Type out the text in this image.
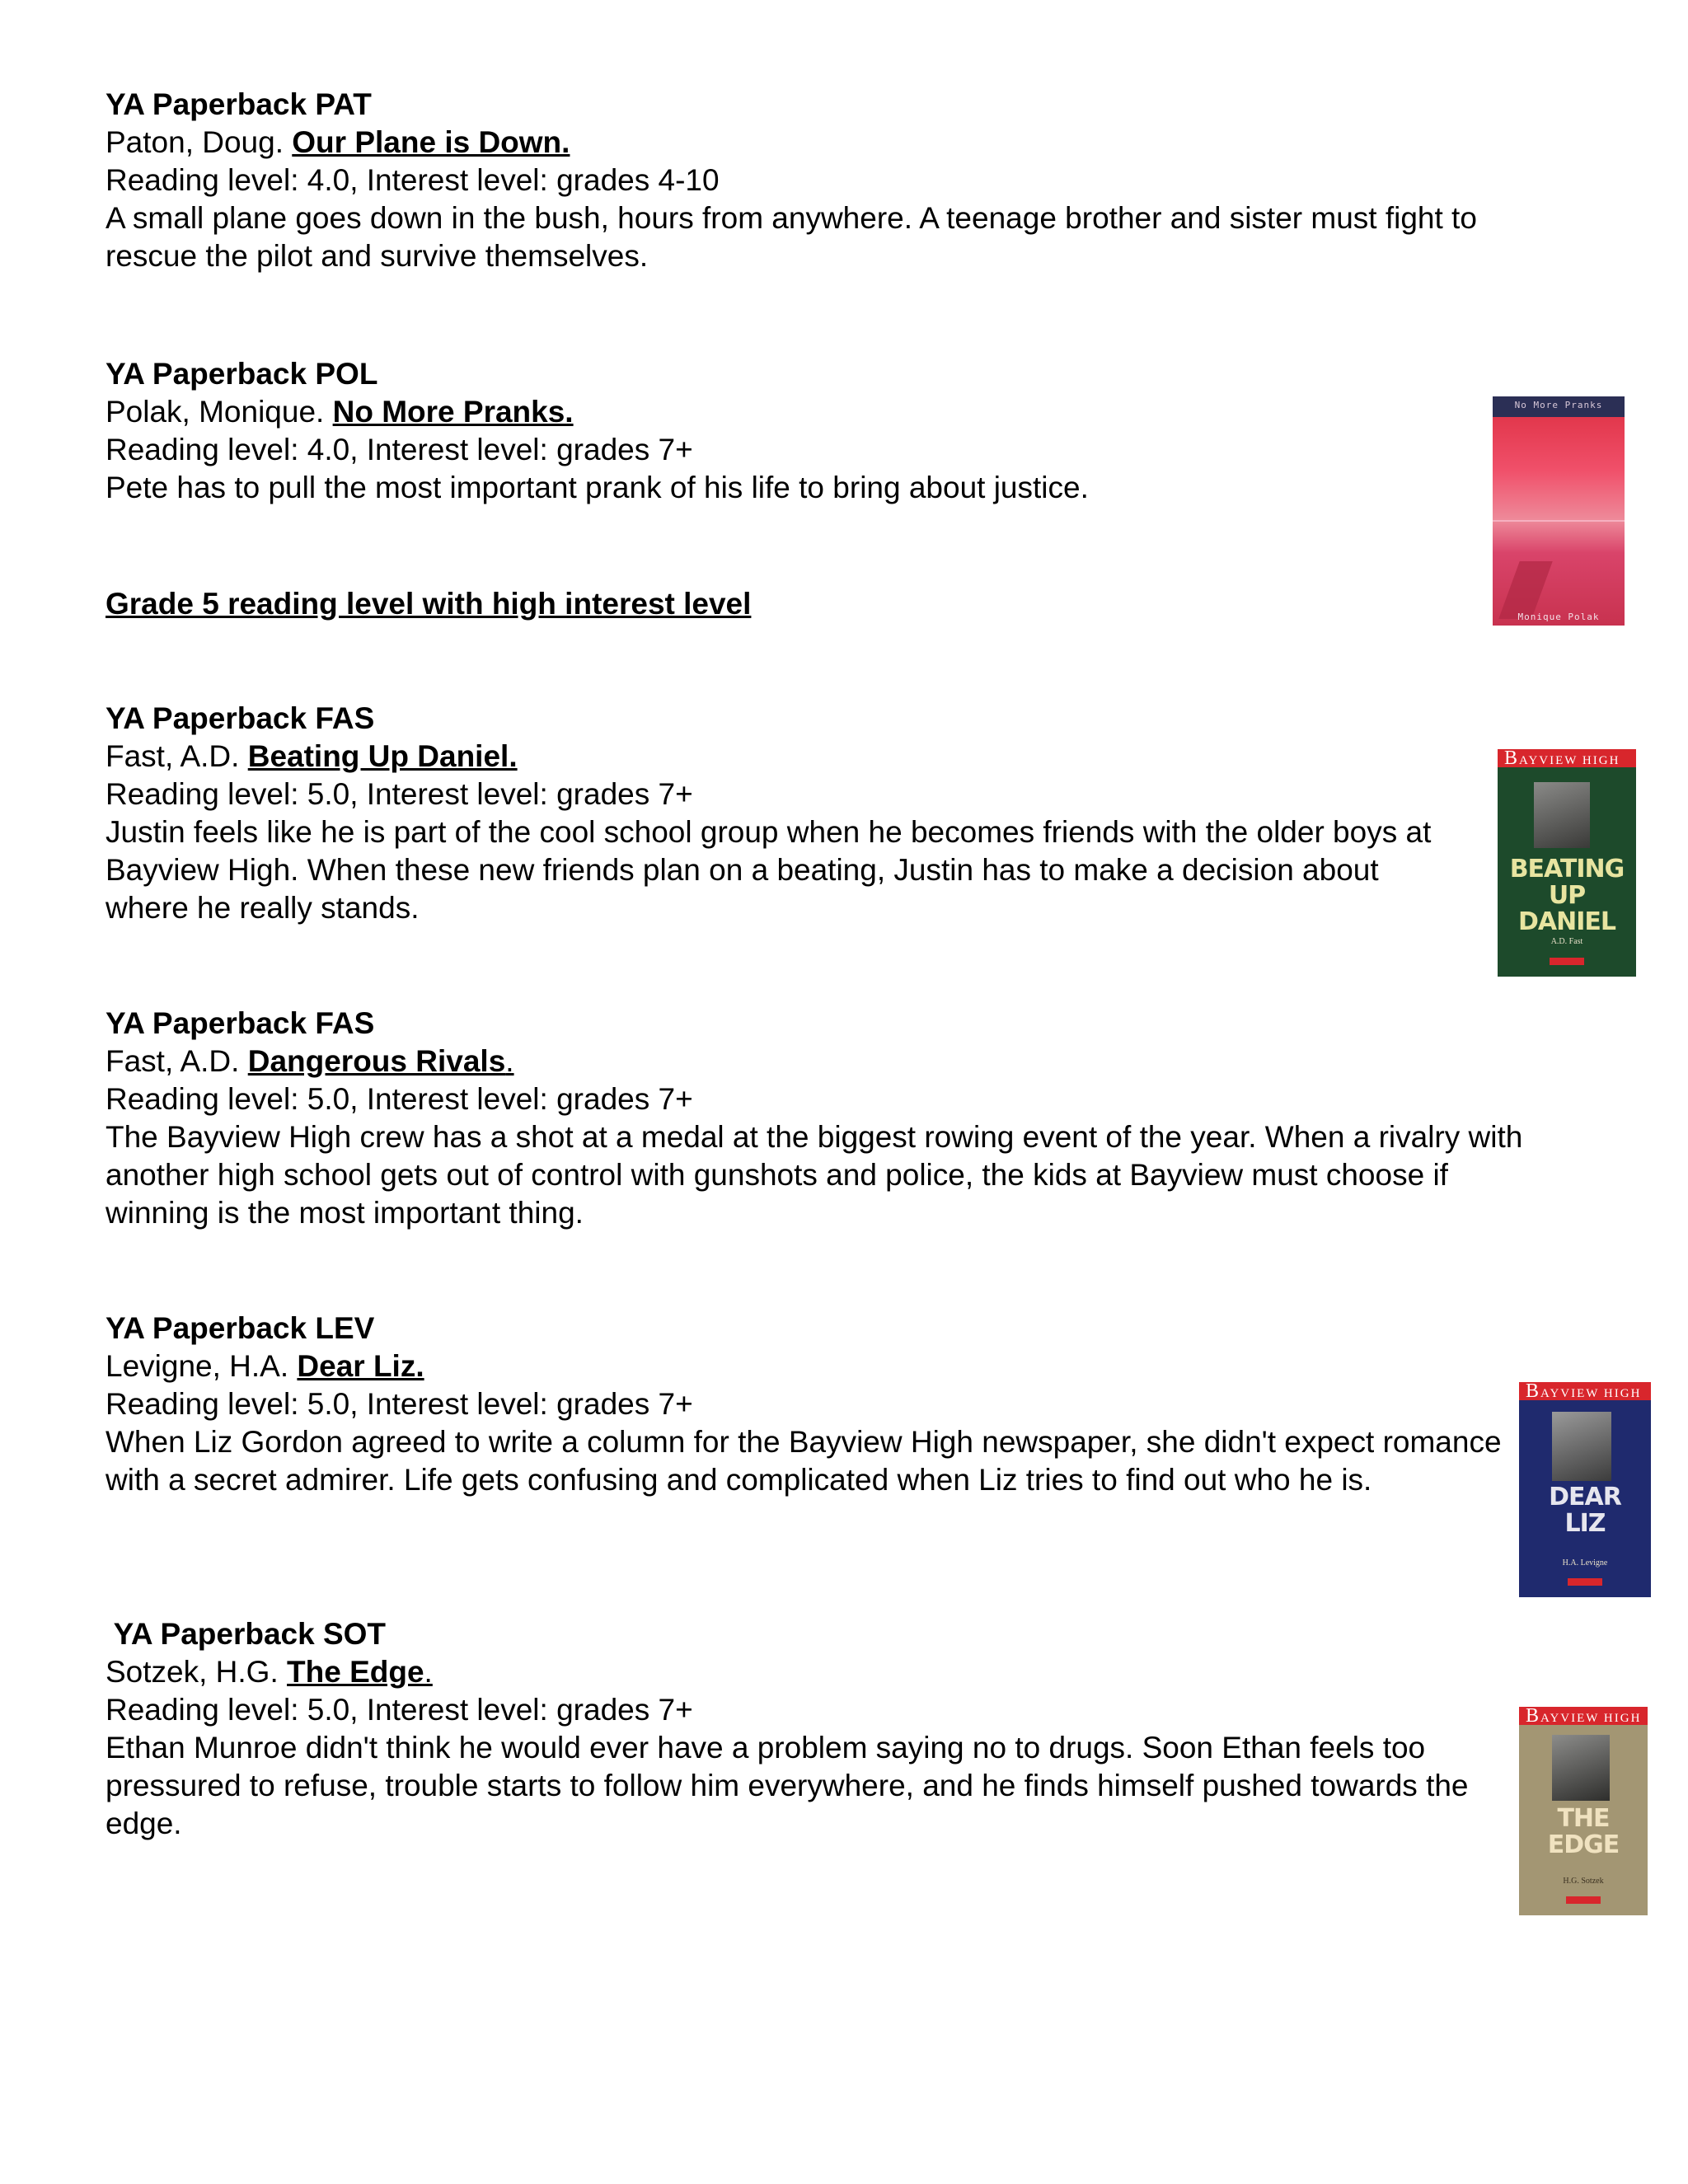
YA Paperback PAT
Paton, Doug. Our Plane is Down.
Reading level: 4.0, Interest level: grades 4-10
A small plane goes down in the bush, hours from anywhere. A teenage brother and sister must fight to rescue the pilot and survive themselves.
YA Paperback POL
Polak, Monique. No More Pranks.
Reading level: 4.0, Interest level: grades 7+
Pete has to pull the most important prank of his life to bring about justice.
Grade 5 reading level with high interest level
YA Paperback FAS
Fast, A.D. Beating Up Daniel.
Reading level: 5.0, Interest level: grades 7+
Justin feels like he is part of the cool school group when he becomes friends with the older boys at Bayview High. When these new friends plan on a beating, Justin has to make a decision about where he really stands.
YA Paperback FAS
Fast, A.D. Dangerous Rivals.
Reading level: 5.0, Interest level: grades 7+
The Bayview High crew has a shot at a medal at the biggest rowing event of the year. When a rivalry with another high school gets out of control with gunshots and police, the kids at Bayview must choose if winning is the most important thing.
YA Paperback LEV
Levigne, H.A. Dear Liz.
Reading level: 5.0, Interest level: grades 7+
When Liz Gordon agreed to write a column for the Bayview High newspaper, she didn't expect romance with a secret admirer. Life gets confusing and complicated when Liz tries to find out who he is.
YA Paperback SOT
Sotzek, H.G. The Edge.
Reading level: 5.0, Interest level: grades 7+
Ethan Munroe didn't think he would ever have a problem saying no to drugs. Soon Ethan feels too pressured to refuse, trouble starts to follow him everywhere, and he finds himself pushed towards the edge.
No More Pranks
Monique Polak
BAYVIEW HIGH
BEATING UP
DANIEL
A.D. Fast
BAYVIEW HIGH
DEAR
LIZ
H.A. Levigne
BAYVIEW HIGH
THE
EDGE
H.G. Sotzek
